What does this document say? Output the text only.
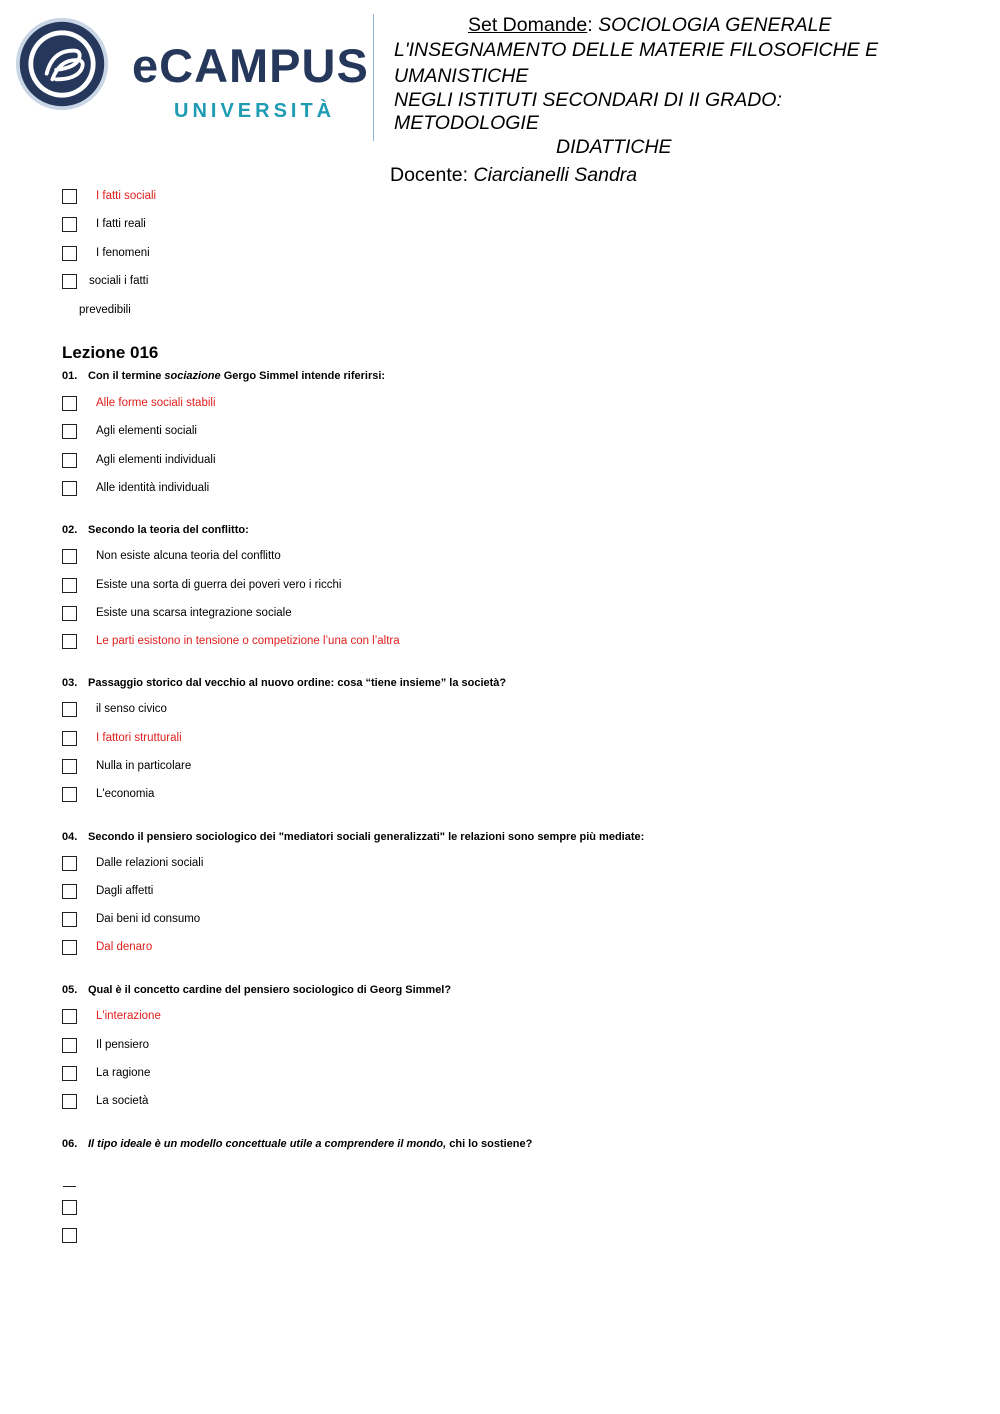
eCAMPUS
UNIVERSITÀ
Set Domande: SOCIOLOGIA GENERALE
L'INSEGNAMENTO DELLE MATERIE FILOSOFICHE E
UMANISTICHE
NEGLI ISTITUTI SECONDARI DI II GRADO:
METODOLOGIE
DIDATTICHE
Docente: Ciarcianelli Sandra
I fatti sociali
I fatti reali
I fenomeni
sociali i fatti
prevedibili
Lezione 016
01. Con il termine sociazione Gergo Simmel intende riferirsi:
Alle forme sociali stabili
Agli elementi sociali
Agli elementi individuali
Alle identità individuali
02. Secondo la teoria del conflitto:
Non esiste alcuna teoria del conflitto
Esiste una sorta di guerra dei poveri vero i ricchi
Esiste una scarsa integrazione sociale
Le parti esistono in tensione o competizione l’una con l’altra
03. Passaggio storico dal vecchio al nuovo ordine: cosa “tiene insieme” la società?
il senso civico
I fattori strutturali
Nulla in particolare
L'economia
04. Secondo il pensiero sociologico dei "mediatori sociali generalizzati" le relazioni sono sempre più mediate:
Dalle relazioni sociali
Dagli affetti
Dai beni id consumo
Dal denaro
05. Qual è il concetto cardine del pensiero sociologico di Georg Simmel?
L'interazione
Il pensiero
La ragione
La società
06. Il tipo ideale è un modello concettuale utile a comprendere il mondo, chi lo sostiene?
